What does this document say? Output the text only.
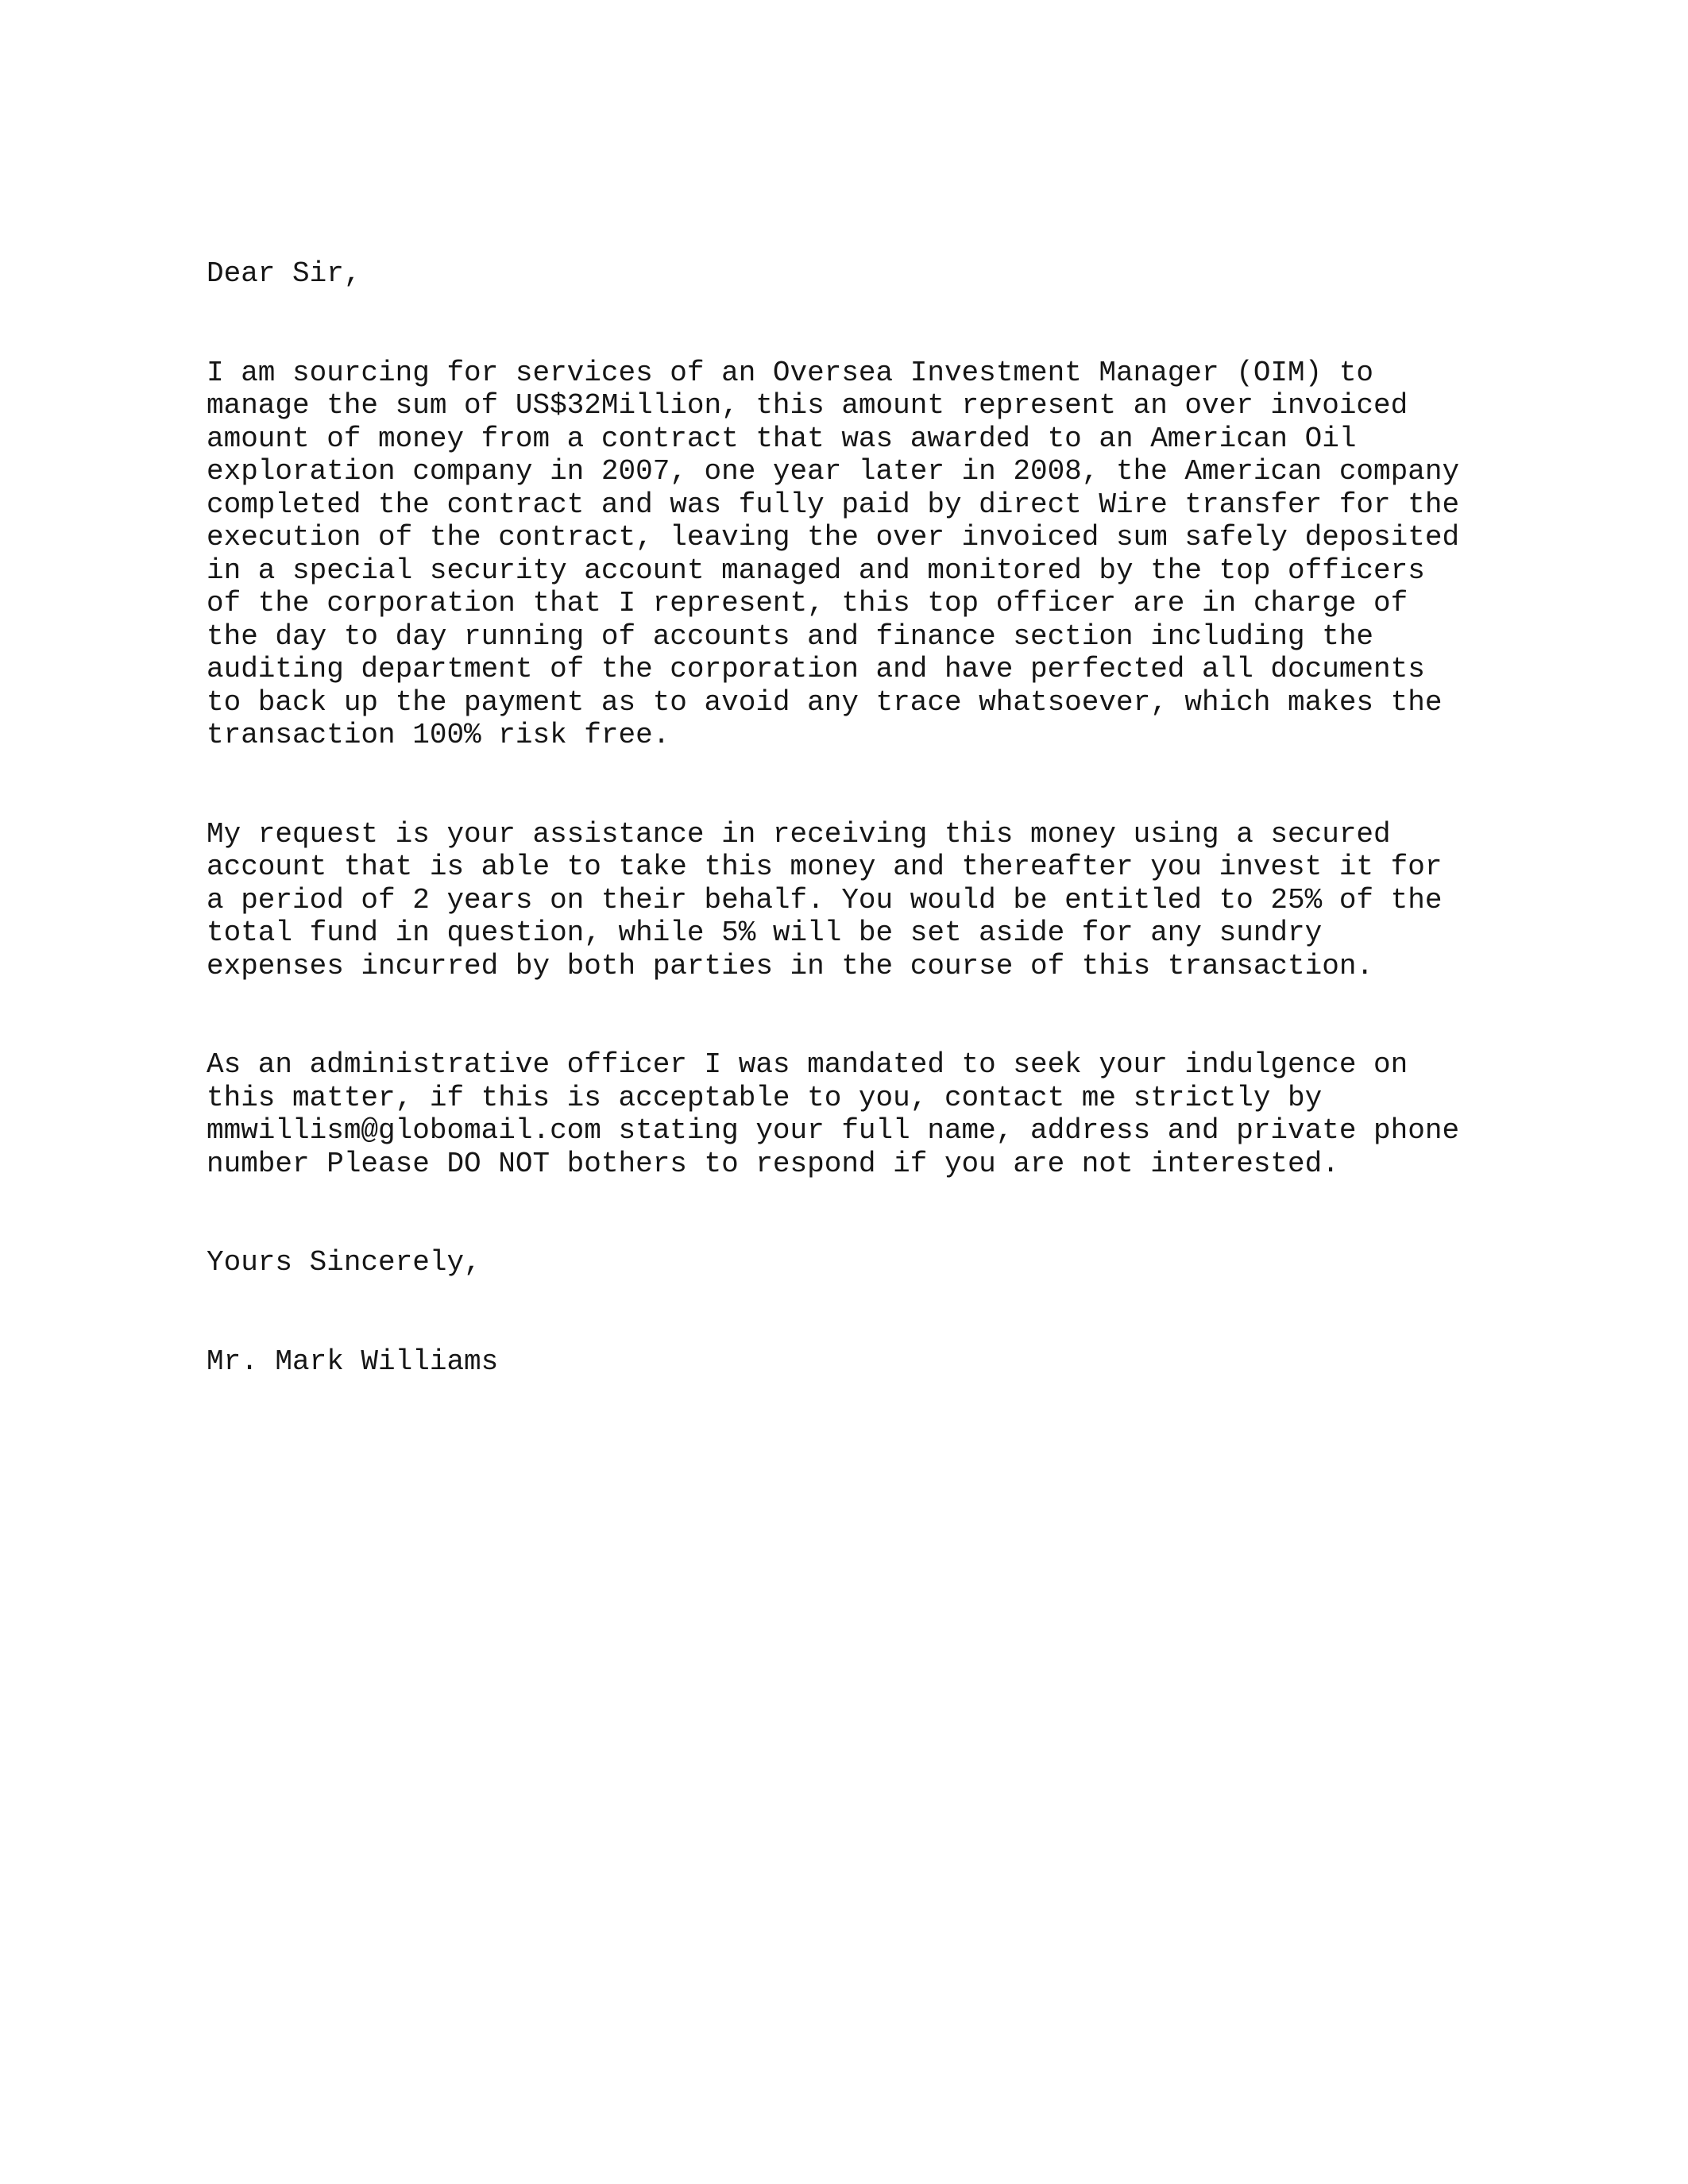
Dear Sir,
I am sourcing for services of an Oversea Investment Manager (OIM) to
manage the sum of US$32Million, this amount represent an over invoiced
amount of money from a contract that was awarded to an American Oil
exploration company in 2007, one year later in 2008, the American company
completed the contract and was fully paid by direct Wire transfer for the
execution of the contract, leaving the over invoiced sum safely deposited
in a special security account managed and monitored by the top officers
of the corporation that I represent, this top officer are in charge of
the day to day running of accounts and finance section including the
auditing department of the corporation and have perfected all documents
to back up the payment as to avoid any trace whatsoever, which makes the
transaction 100% risk free.
My request is your assistance in receiving this money using a secured
account that is able to take this money and thereafter you invest it for
a period of 2 years on their behalf. You would be entitled to 25% of the
total fund in question, while 5% will be set aside for any sundry
expenses incurred by both parties in the course of this transaction.
As an administrative officer I was mandated to seek your indulgence on
this matter, if this is acceptable to you, contact me strictly by
mmwillism@globomail.com stating your full name, address and private phone
number Please DO NOT bothers to respond if you are not interested.
Yours Sincerely,
Mr. Mark Williams
